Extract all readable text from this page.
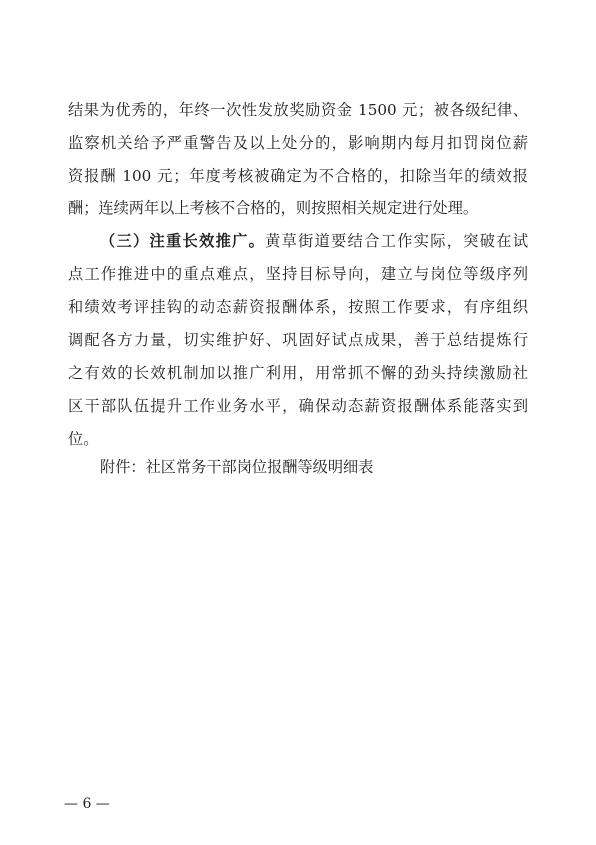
结果为优秀的，年终一次性发放奖励资金 1500 元；被各级纪律、
监察机关给予严重警告及以上处分的，影响期内每月扣罚岗位薪
资报酬 100 元；年度考核被确定为不合格的，扣除当年的绩效报
酬；连续两年以上考核不合格的，则按照相关规定进行处理。
（三）注重长效推广。黄草街道要结合工作实际，突破在试
点工作推进中的重点难点，坚持目标导向，建立与岗位等级序列
和绩效考评挂钩的动态薪资报酬体系，按照工作要求，有序组织
调配各方力量，切实维护好、巩固好试点成果，善于总结提炼行
之有效的长效机制加以推广利用，用常抓不懈的劲头持续激励社
区干部队伍提升工作业务水平，确保动态薪资报酬体系能落实到
位。
附件：社区常务干部岗位报酬等级明细表
— 6 —
